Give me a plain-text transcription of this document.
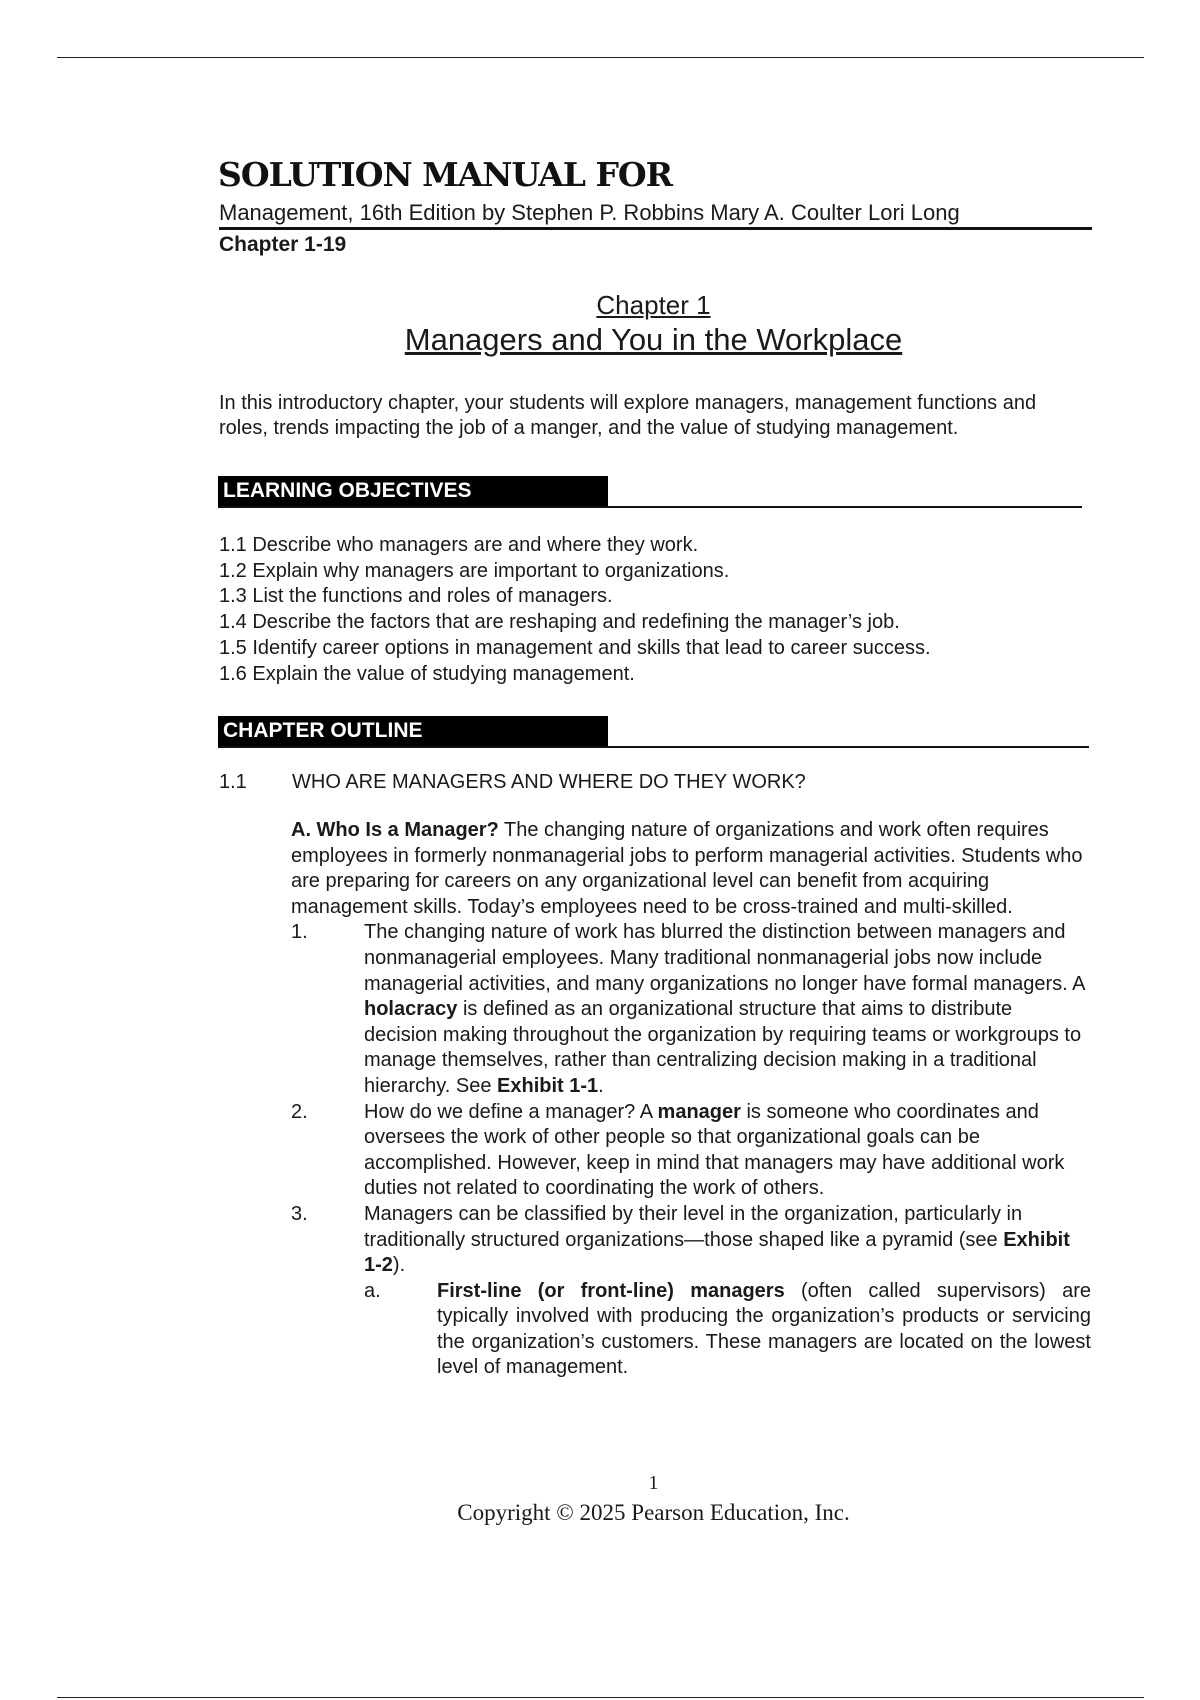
SOLUTION MANUAL FOR
Management, 16th Edition by Stephen P. Robbins Mary A. Coulter Lori Long
Chapter 1-19
Chapter 1
Managers and You in the Workplace

In this introductory chapter, your students will explore managers, management functions and roles, trends impacting the job of a manger, and the value of studying management.

LEARNING OBJECTIVES
1.1 Describe who managers are and where they work.
1.2 Explain why managers are important to organizations.
1.3 List the functions and roles of managers.
1.4 Describe the factors that are reshaping and redefining the manager’s job.
1.5 Identify career options in management and skills that lead to career success.
1.6 Explain the value of studying management.
CHAPTER OUTLINE
1.1 WHO ARE MANAGERS AND WHERE DO THEY WORK?

A. Who Is a Manager? The changing nature of organizations and work often requires employees in formerly nonmanagerial jobs to perform managerial activities. Students who are preparing for careers on any organizational level can benefit from acquiring management skills. Today’s employees need to be cross-trained and multi-skilled.

1.	The changing nature of work has blurred the distinction between managers and nonmanagerial employees. Many traditional nonmanagerial jobs now include managerial activities, and many organizations no longer have formal managers. A holacracy is defined as an organizational structure that aims to distribute decision making throughout the organization by requiring teams or workgroups to manage themselves, rather than centralizing decision making in a traditional hierarchy. See Exhibit 1-1.
2.	How do we define a manager? A manager is someone who coordinates and oversees the work of other people so that organizational goals can be accomplished. However, keep in mind that managers may have additional work duties not related to coordinating the work of others.
3.	Managers can be classified by their level in the organization, particularly in traditionally structured organizations—those shaped like a pyramid (see Exhibit 1-2).
a.	First-line (or front-line) managers (often called supervisors) are typically involved with producing the organization’s products or servicing the organization’s customers. These managers are located on the lowest level of management.
1
Copyright © 2025 Pearson Education, Inc.
